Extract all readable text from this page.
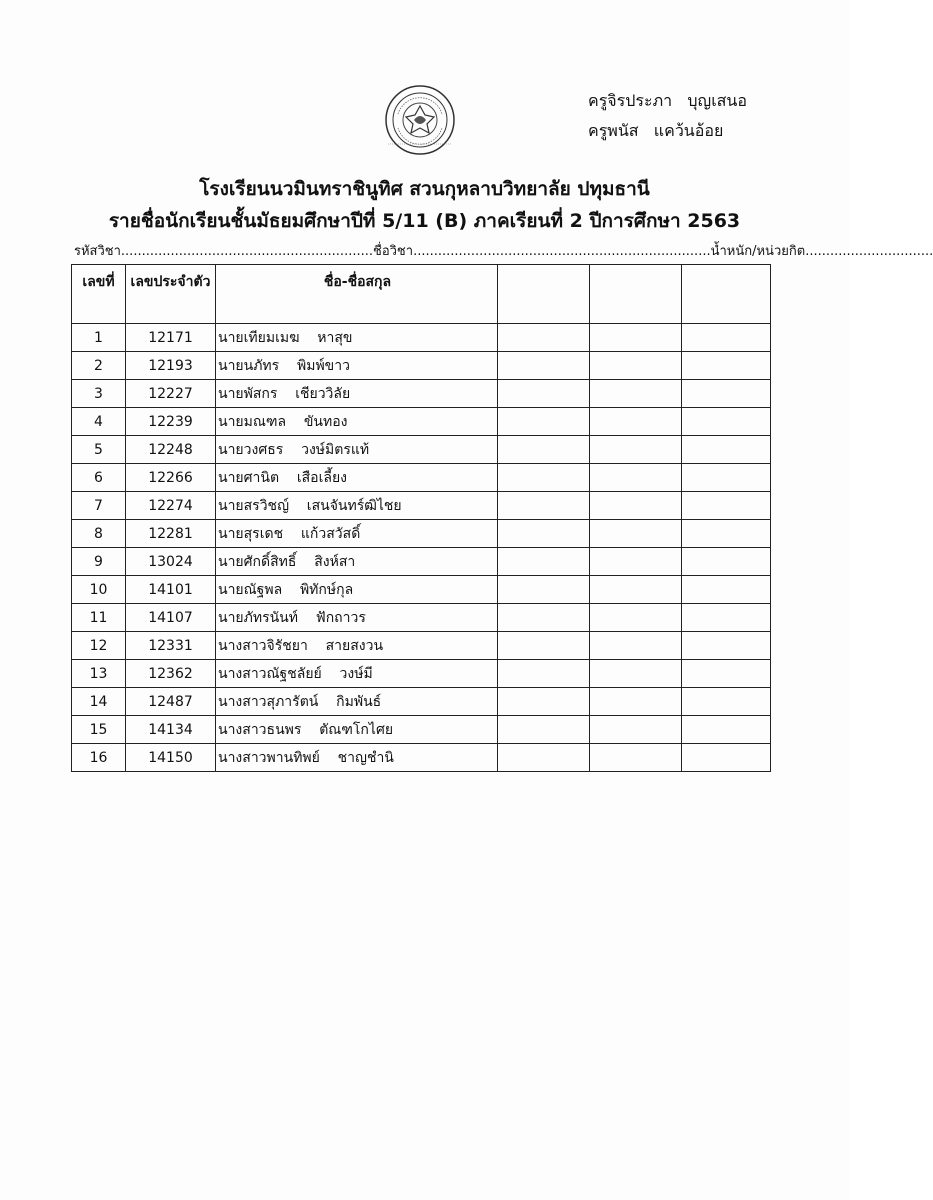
ครูจิรประภา   บุญเสนอ
ครูพนัส   แคว้นอ้อย
โรงเรียนนวมินทราชินูทิศ สวนกุหลาบวิทยาลัย ปทุมธานี
รายชื่อนักเรียนชั้นมัธยมศึกษาปีที่ 5/11 (B) ภาคเรียนที่ 2 ปีการศึกษา 2563
รหัสวิชา.............................................................ชื่อวิชา........................................................................น้ำหนัก/หน่วยกิต...............................
เลขที่	เลขประจำตัว	ชื่อ-ชื่อสกุล			
1	12171	นายเทียมเมฆ    หาสุข			
2	12193	นายนภัทร    พิมพ์ขาว			
3	12227	นายพัสกร    เชียววิลัย			
4	12239	นายมณฑล    ขันทอง			
5	12248	นายวงศธร    วงษ์มิตรแท้			
6	12266	นายศานิต    เสือเลี้ยง			
7	12274	นายสรวิชญ์    เสนจันทร์ฒิไชย			
8	12281	นายสุรเดช    แก้วสวัสดิ์			
9	13024	นายศักดิ์สิทธิ์    สิงห์สา			
10	14101	นายณัฐพล    พิทักษ์กุล			
11	14107	นายภัทรนันท์    ฟักถาวร			
12	12331	นางสาวจิรัชยา    สายสงวน			
13	12362	นางสาวณัฐชลัยย์    วงษ์มี			
14	12487	นางสาวสุภารัตน์    กิมพันธ์			
15	14134	นางสาวธนพร    ตัณฑโกไศย			
16	14150	นางสาวพานทิพย์    ชาญชำนิ			
